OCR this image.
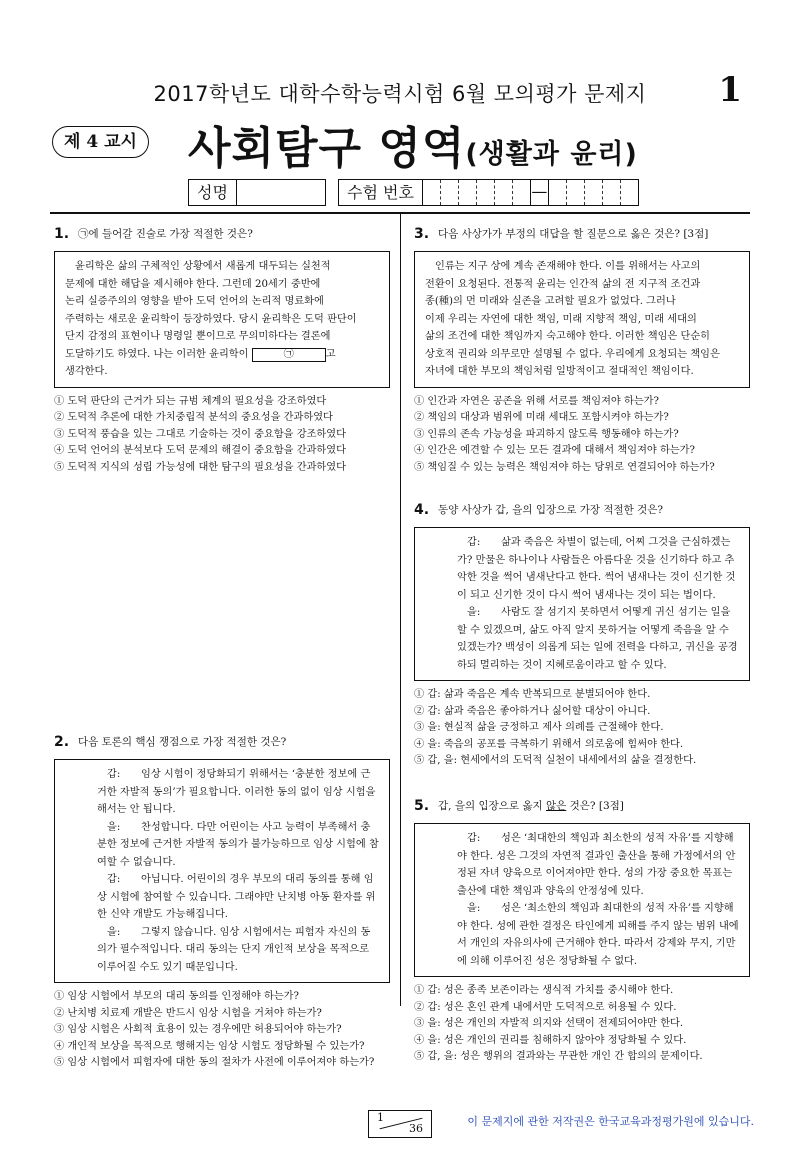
2017학년도 대학수학능력시험 6월 모의평가 문제지	1
제 4 교시 사회탐구 영역(생활과 윤리)
성명	수험 번호	—
1. ㉠에 들어갈 진술로 가장 적절한 것은?

윤리학은 삶의 구체적인 상황에서 새롭게 대두되는 실천적

문제에 대한 해답을 제시해야 한다. 그런데 20세기 중반에
논리 실증주의의 영향을 받아 도덕 언어의 논리적 명료화에
주력하는 새로운 윤리학이 등장하였다. 당시 윤리학은 도덕 판단이
단지 감정의 표현이나 명령일 뿐이므로 무의미하다는 결론에
도달하기도 하였다. 나는 이러한 윤리학이	㉠	고
생각한다.
① 도덕 판단의 근거가 되는 규범 체계의 필요성을 강조하였다
② 도덕적 추론에 대한 가치중립적 분석의 중요성을 간과하였다
③ 도덕적 풍습을 있는 그대로 기술하는 것이 중요함을 강조하였다
④ 도덕 언어의 분석보다 도덕 문제의 해결이 중요함을 간과하였다
⑤ 도덕적 지식의 성립 가능성에 대한 탐구의 필요성을 간과하였다
2. 다음 토론의 핵심 쟁점으로 가장 적절한 것은?

갑: 임상 시험이 정당화되기 위해서는 ‘충분한 정보에 근거한 자발적 동의’가 필요합니다. 이러한 동의 없이 임상 시험을 해서는 안 됩니다.

을: 찬성합니다. 다만 어린이는 사고 능력이 부족해서 충분한 정보에 근거한 자발적 동의가 불가능하므로 임상 시험에 참여할 수 없습니다.

갑: 아닙니다. 어린이의 경우 부모의 대리 동의를 통해 임상 시험에 참여할 수 있습니다. 그래야만 난치병 아동 환자를 위한 신약 개발도 가능해집니다.

을: 그렇지 않습니다. 임상 시험에서는 피험자 자신의 동의가 필수적입니다. 대리 동의는 단지 개인적 보상을 목적으로 이루어질 수도 있기 때문입니다.

① 임상 시험에서 부모의 대리 동의를 인정해야 하는가?
② 난치병 치료제 개발은 반드시 임상 시험을 거쳐야 하는가?
③ 임상 시험은 사회적 효용이 있는 경우에만 허용되어야 하는가?
④ 개인적 보상을 목적으로 행해지는 임상 시험도 정당화될 수 있는가?
⑤ 임상 시험에서 피험자에 대한 동의 절차가 사전에 이루어져야 하는가?
3. 다음 사상가가 부정의 대답을 할 질문으로 옳은 것은? [3점]

인류는 지구 상에 계속 존재해야 한다. 이를 위해서는 사고의

전환이 요청된다. 전통적 윤리는 인간적 삶의 전 지구적 조건과
종(種)의 먼 미래와 실존을 고려할 필요가 없었다. 그러나
이제 우리는 자연에 대한 책임, 미래 지향적 책임, 미래 세대의
삶의 조건에 대한 책임까지 숙고해야 한다. 이러한 책임은 단순히
상호적 권리와 의무로만 설명될 수 없다. 우리에게 요청되는 책임은
자녀에 대한 부모의 책임처럼 일방적이고 절대적인 책임이다.
① 인간과 자연은 공존을 위해 서로를 책임져야 하는가?
② 책임의 대상과 범위에 미래 세대도 포함시켜야 하는가?
③ 인류의 존속 가능성을 파괴하지 않도록 행동해야 하는가?
④ 인간은 예견할 수 있는 모든 결과에 대해서 책임져야 하는가?
⑤ 책임질 수 있는 능력은 책임져야 하는 당위로 연결되어야 하는가?
4. 동양 사상가 갑, 을의 입장으로 가장 적절한 것은?

갑: 삶과 죽음은 차별이 없는데, 어찌 그것을 근심하겠는가? 만물은 하나이나 사람들은 아름다운 것을 신기하다 하고 추악한 것을 썩어 냄새난다고 한다. 썩어 냄새나는 것이 신기한 것이 되고 신기한 것이 다시 썩어 냄새나는 것이 되는 법이다.

을: 사람도 잘 섬기지 못하면서 어떻게 귀신 섬기는 일을 할 수 있겠으며, 삶도 아직 알지 못하거늘 어떻게 죽음을 알 수 있겠는가? 백성이 의롭게 되는 일에 전력을 다하고, 귀신을 공경하되 멀리하는 것이 지혜로움이라고 할 수 있다.

① 갑: 삶과 죽음은 계속 반복되므로 분별되어야 한다.
② 갑: 삶과 죽음은 좋아하거나 싫어할 대상이 아니다.
③ 을: 현실적 삶을 긍정하고 제사 의례를 근절해야 한다.
④ 을: 죽음의 공포를 극복하기 위해서 의로움에 힘써야 한다.
⑤ 갑, 을: 현세에서의 도덕적 실천이 내세에서의 삶을 결정한다.
5. 갑, 을의 입장으로 옳지 않은 것은? [3점]

갑: 성은 ‘최대한의 책임과 최소한의 성적 자유’를 지향해야 한다. 성은 그것의 자연적 결과인 출산을 통해 가정에서의 안정된 자녀 양육으로 이어져야만 한다. 성의 가장 중요한 목표는 출산에 대한 책임과 양육의 안정성에 있다.

을: 성은 ‘최소한의 책임과 최대한의 성적 자유’를 지향해야 한다. 성에 관한 결정은 타인에게 피해를 주지 않는 범위 내에서 개인의 자유의사에 근거해야 한다. 따라서 강제와 무지, 기만에 의해 이루어진 성은 정당화될 수 없다.

① 갑: 성은 종족 보존이라는 생식적 가치를 중시해야 한다.
② 갑: 성은 혼인 관계 내에서만 도덕적으로 허용될 수 있다.
③ 을: 성은 개인의 자발적 의지와 선택이 전제되어야만 한다.
④ 을: 성은 개인의 권리를 침해하지 않아야 정당화될 수 있다.
⑤ 갑, 을: 성은 행위의 결과와는 무관한 개인 간 합의의 문제이다.
1
36
이 문제지에 관한 저작권은 한국교육과정평가원에 있습니다.
